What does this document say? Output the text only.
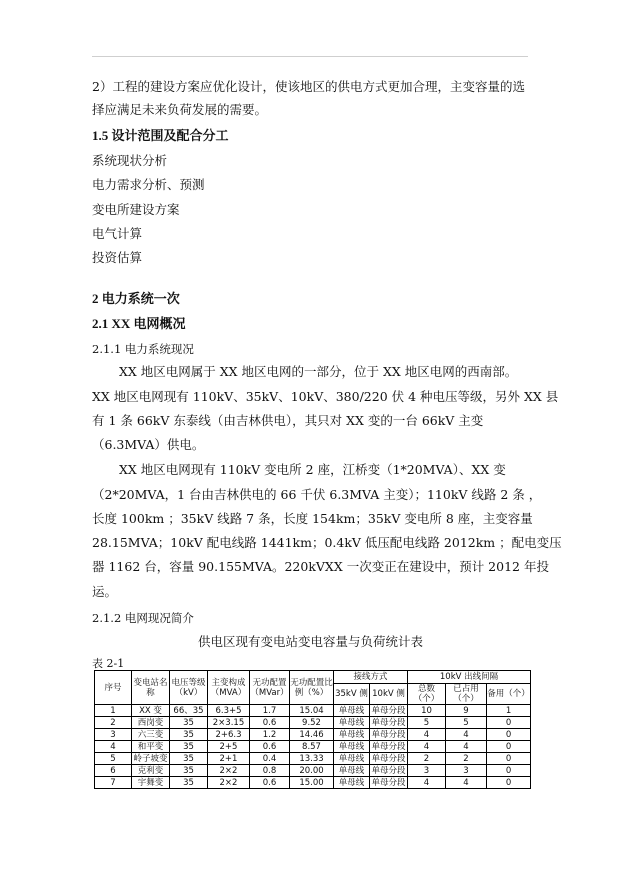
2）工程的建设方案应优化设计，使该地区的供电方式更加合理，主变容量的选
择应满足未来负荷发展的需要。
1.5 设计范围及配合分工
系统现状分析
电力需求分析、预测
变电所建设方案
电气计算
投资估算
2 电力系统一次
2.1 XX 电网概况
2.1.1 电力系统现况
XX 地区电网属于 XX 地区电网的一部分，位于 XX 地区电网的西南部。
XX 地区电网现有 110kV、35kV、10kV、380/220 伏 4 种电压等级，另外 XX 县
有 1 条 66kV 东泰线（由吉林供电），其只对 XX 变的一台 66kV 主变
（6.3MVA）供电。
XX 地区电网现有 110kV 变电所 2 座，江桥变（1*20MVA）、XX 变
（2*20MVA，1 台由吉林供电的 66 千伏 6.3MVA 主变）；110kV 线路 2 条 ，
长度 100km ；35kV 线路 7 条，长度 154km；35kV 变电所 8 座，主变容量
28.15MVA；10kV 配电线路 1441km；0.4kV 低压配电线路 2012km ；配电变压
器 1162 台，容量 90.155MVA。220kVXX 一次变正在建设中，预计 2012 年投
运。
2.1.2 电网现况简介
供电区现有变电站变电容量与负荷统计表
表 2-1
序号	变电站名称	电压等级（kV）	主变构成（MVA）	无功配置（MVar）	无功配置比例（%）	接线方式		10kV 出线间隔		
						35kV 侧	10kV 侧	总数（个）	已占用（个）	备用（个）
1	XX 变	66、35	6.3+5	1.7	15.04	单母线	单母分段	10	9	1
2	西岗变	35	2×3.15	0.6	9.52	单母线	单母分段	5	5	0
3	六三变	35	2+6.3	1.2	14.46	单母线	单母分段	4	4	0
4	和平变	35	2+5	0.6	8.57	单母线	单母分段	4	4	0
5	岭子坡变	35	2+1	0.4	13.33	单母线	单母分段	2	2	0
6	克利变	35	2×2	0.8	20.00	单母线	单母分段	3	3	0
7	宇舞变	35	2×2	0.6	15.00	单母线	单母分段	4	4	0
